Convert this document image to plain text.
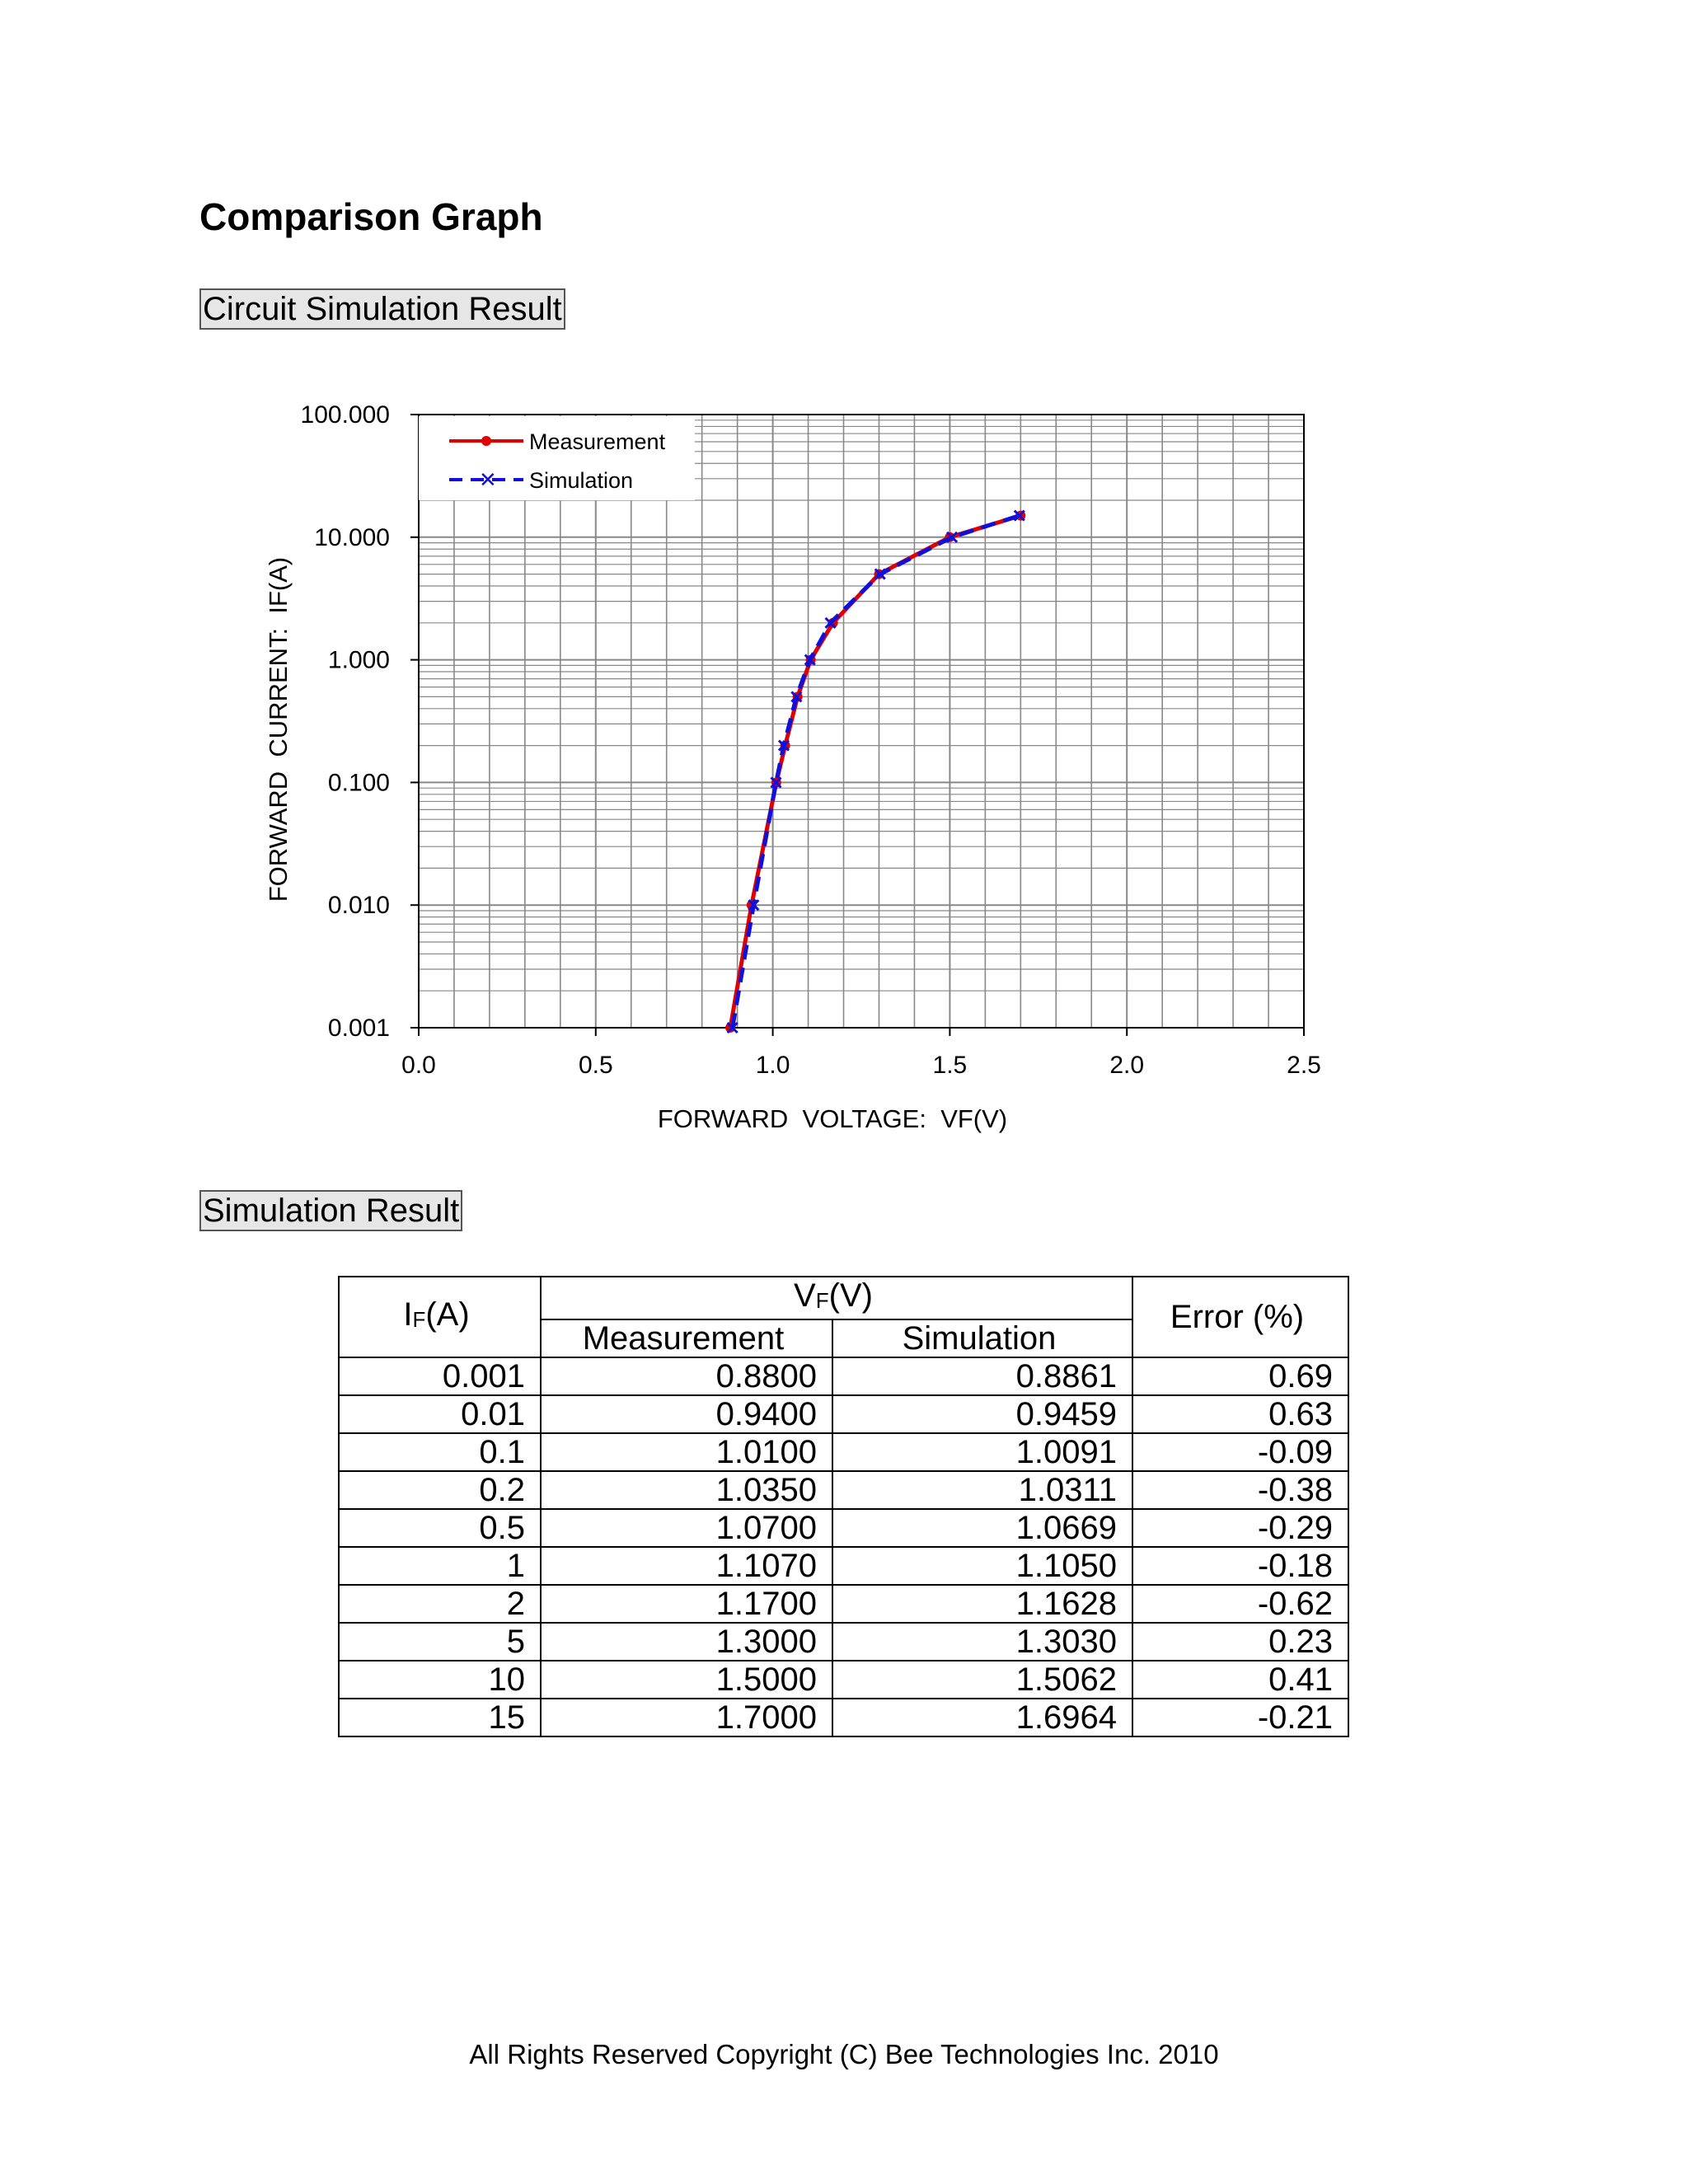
Comparison Graph
Circuit Simulation Result
0.0	0.5	1.0	1.5	2.0	2.5
0.001
0.010
0.100
1.000
10.000
100.000
Measurement
✕ Simulation
FORWARD  VOLTAGE:  VF(V)
FORWARD  CURRENT:  IF(A)
Simulation Result
$I_F(A)$	$V_F(V)$		Error (%)
	Measurement	Simulation	
0.001	0.8800	0.8861	0.69
0.01	0.9400	0.9459	0.63
0.1	1.0100	1.0091	-0.09
0.2	1.0350	1.0311	-0.38
0.5	1.0700	1.0669	-0.29
1	1.1070	1.1050	-0.18
2	1.1700	1.1628	-0.62
5	1.3000	1.3030	0.23
10	1.5000	1.5062	0.41
15	1.7000	1.6964	-0.21
All Rights Reserved Copyright (C) Bee Technologies Inc. 2010
